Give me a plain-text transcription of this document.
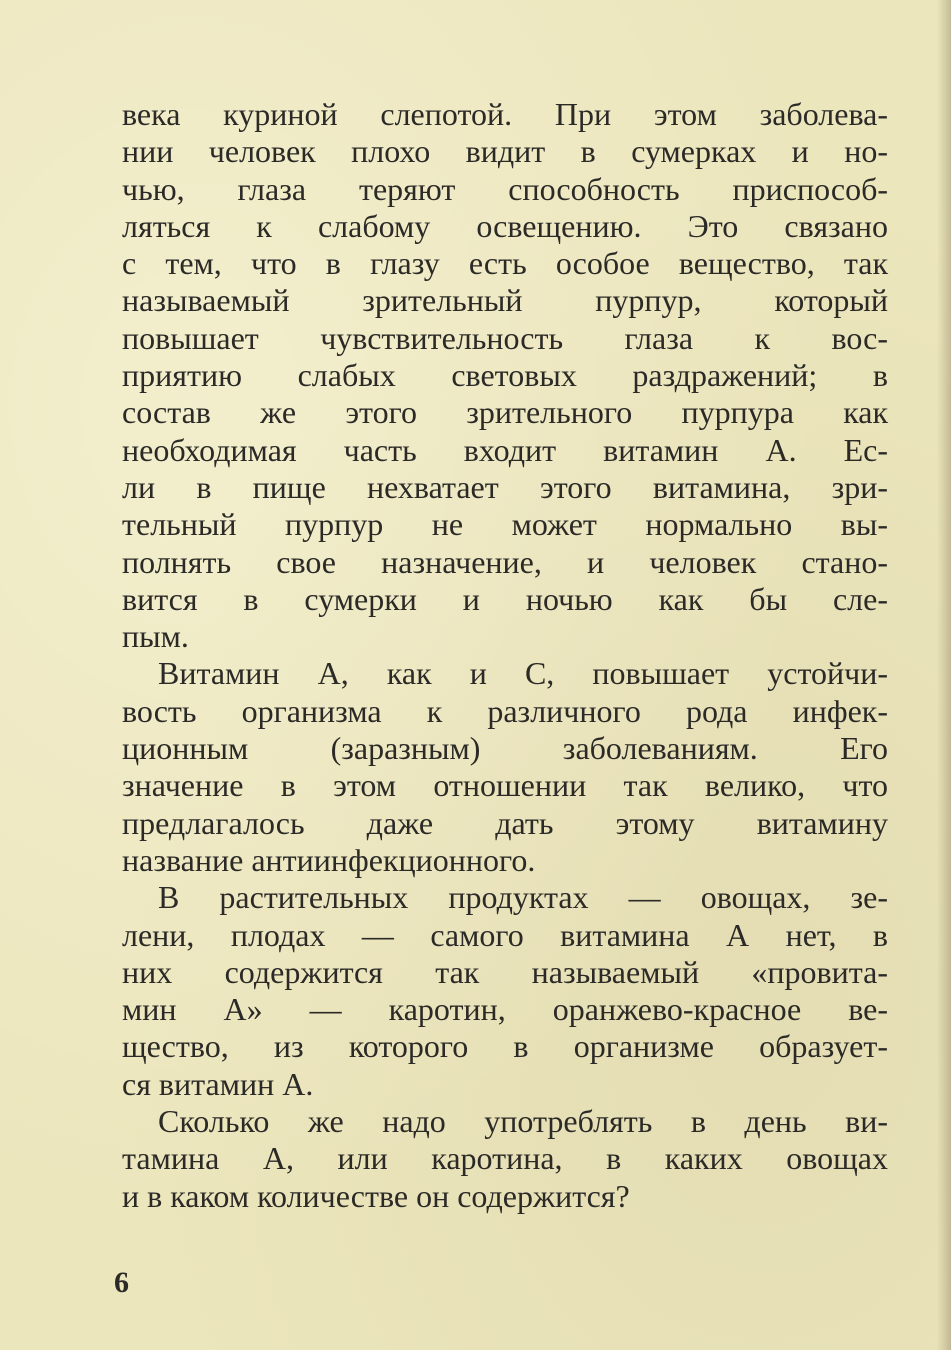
века куриной слепотой. При этом заболева-
нии человек плохо видит в сумерках и но-
чью, глаза теряют способность приспособ-
ляться к слабому освещению. Это связано
с тем, что в глазу есть особое вещество, так
называемый зрительный пурпур, который
повышает чувствительность глаза к вос-
приятию слабых световых раздражений; в
состав же этого зрительного пурпура как
необходимая часть входит витамин А. Ес-
ли в пище нехватает этого витамина, зри-
тельный пурпур не может нормально вы-
полнять свое назначение, и человек стано-
вится в сумерки и ночью как бы сле-
пым.
Витамин А, как и С, повышает устойчи-
вость организма к различного рода инфек-
ционным (заразным) заболеваниям. Его
значение в этом отношении так велико, что
предлагалось даже дать этому витамину
название антиинфекционного.
В растительных продуктах — овощах, зе-
лени, плодах — самого витамина А нет, в
них содержится так называемый «провита-
мин А» — каротин, оранжево-красное ве-
щество, из которого в организме образует-
ся витамин А.
Сколько же надо употреблять в день ви-
тамина А, или каротина, в каких овощах
и в каком количестве он содержится?
6
